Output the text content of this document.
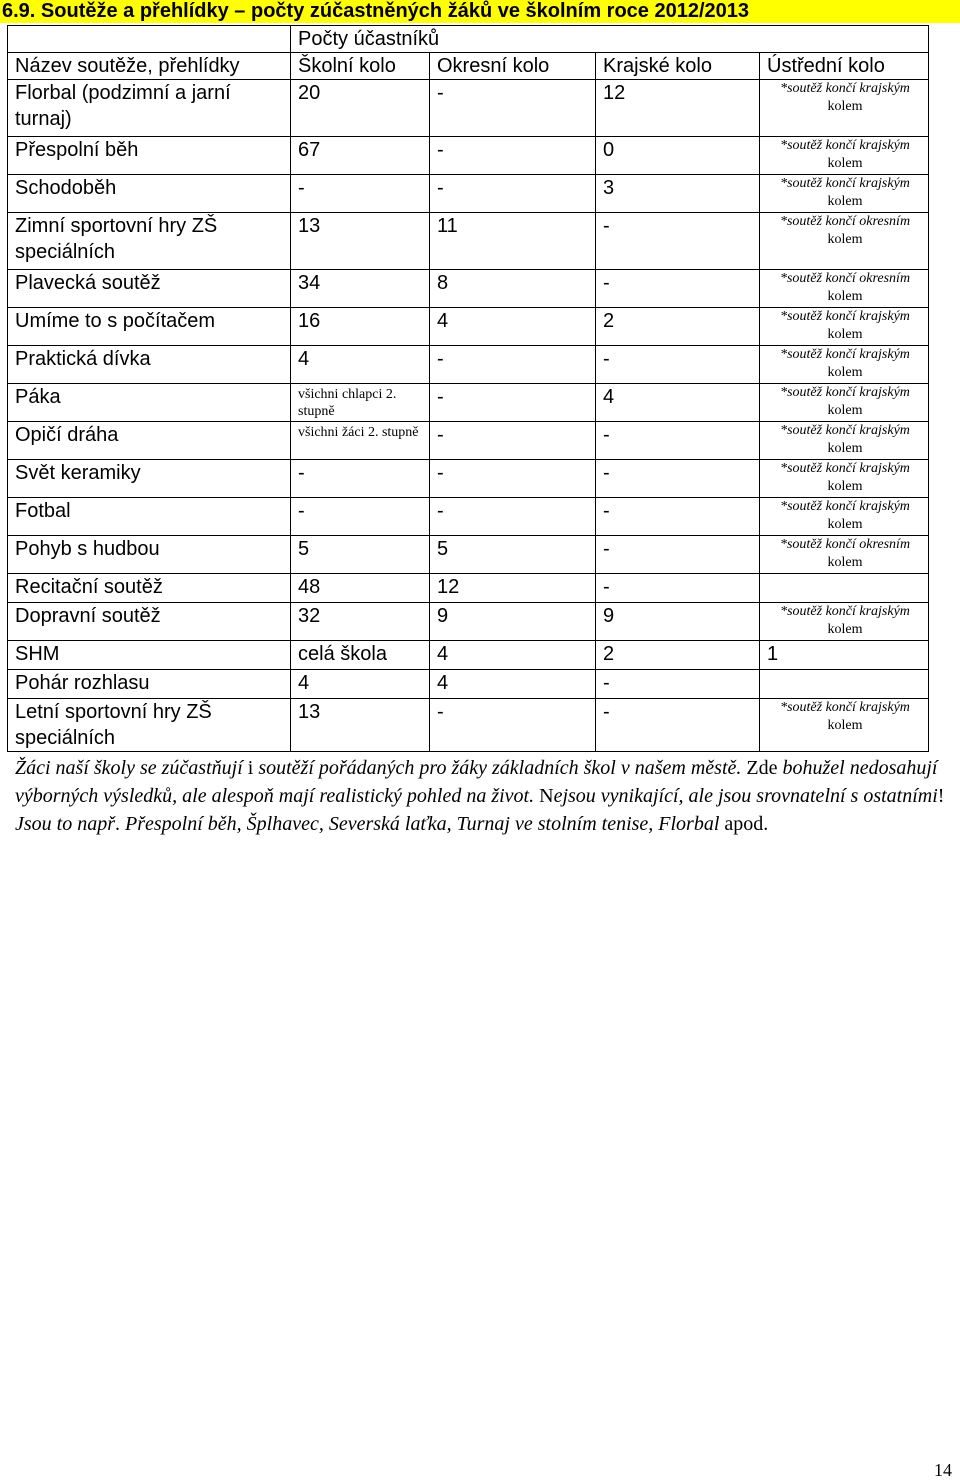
6.9. Soutěže a přehlídky – počty zúčastněných žáků ve školním roce 2012/2013
	Počty účastníků			
Název soutěže, přehlídky	Školní kolo	Okresní kolo	Krajské kolo	Ústřední kolo
Florbal (podzimní a jarní turnaj)	20	-	12	*soutěž končí krajským
kolem

Přespolní běh	67	-	0	*soutěž končí krajským
kolem

Schodoběh	-	-	3	*soutěž končí krajským
kolem

Zimní sportovní hry ZŠ speciálních	13	11	-	*soutěž končí okresním
kolem

Plavecká soutěž	34	8	-	*soutěž končí okresním
kolem

Umíme to s počítačem	16	4	2	*soutěž končí krajským
kolem

Praktická dívka	4	-	-	*soutěž končí krajským
kolem

Páka	všichni chlapci 2. stupně	-	4	*soutěž končí krajským
kolem

Opičí dráha	všichni žáci 2. stupně	-	-	*soutěž končí krajským
kolem

Svět keramiky	-	-	-	*soutěž končí krajským
kolem

Fotbal	-	-	-	*soutěž končí krajským
kolem

Pohyb s hudbou	5	5	-	*soutěž končí okresním
kolem

Recitační soutěž	48	12	-	

Dopravní soutěž	32	9	9	*soutěž končí krajským
kolem

SHM	celá škola	4	2	1
Pohár rozhlasu	4	4	-	

Letní sportovní hry ZŠ speciálních	13	-	-	*soutěž končí krajským
kolem

Žáci naší školy se zúčastňují i soutěží pořádaných pro žáky základních škol v našem městě. Zde bohužel nedosahují výborných výsledků, ale alespoň mají realistický pohled na život. Nejsou vynikající, ale jsou srovnatelní s ostatními!

Jsou to např. Přespolní běh, Šplhavec, Severská laťka, Turnaj ve stolním tenise, Florbal apod.

14
